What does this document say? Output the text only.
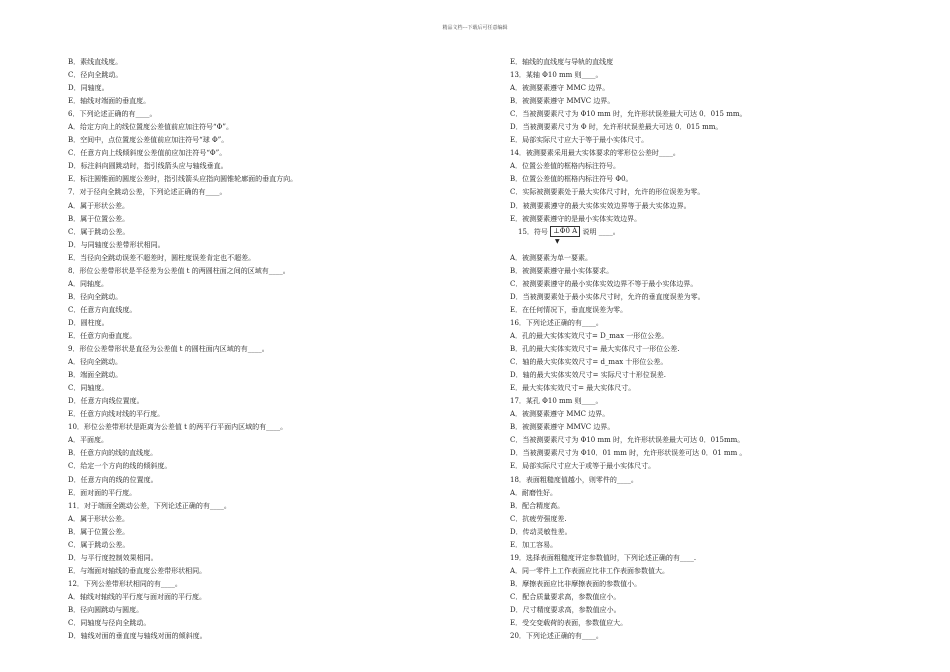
精品文档---下载后可任意编辑
B．素线直线度。
C．径向全跳动。
D．同轴度。
E．轴线对端面的垂直度。
6．下列论述正确的有____。
A．给定方向上的线位置度公差值前应加注符号“Φ”。
B．空间中，点位置度公差值前应加注符号“球 Φ”。
C．任意方向上线倾斜度公差值前应加注符号“Φ”。
D．标注斜向圆跳动时，指引线箭头应与轴线垂直。
E．标注圆锥面的圆度公差时，指引线箭头应指向圆锥轮廓面的垂直方向。
7．对于径向全跳动公差，下列论述正确的有____。
A．属于形状公差。
B．属于位置公差。
C．属于跳动公差。
D．与同轴度公差带形状相同。
E．当径向全跳动误差不超差时，圆柱度误差肯定也不超差。
8．形位公差带形状是半径差为公差值 t 的两圆柱面之间的区域有____。
A．同轴度。
B．径向全跳动。
C．任意方向直线度。
D．圆柱度。
E．任意方向垂直度。
9．形位公差带形状是直径为公差值 t 的圆柱面内区域的有____。
A．径向全跳动。
B．端面全跳动。
C．同轴度。
D．任意方向线位置度。
E．任意方向线对线的平行度。
10．形位公差带形状是距离为公差值 t 的两平行平面内区域的有____。
A．平面度。
B．任意方向的线的直线度。
C．给定一个方向的线的倾斜度。
D．任意方向的线的位置度。
E．面对面的平行度。
11．对于端面全跳动公差，下列论述正确的有____。
A．属于形状公差。
B．属于位置公差。
C．属于跳动公差。
D．与平行度控制效果相同。
E．与端面对轴线的垂直度公差带形状相同。
12．下列公差带形状相同的有____。
A．轴线对轴线的平行度与面对面的平行度。
B．径向圆跳动与圆度。
C．同轴度与径向全跳动。
D．轴线对面的垂直度与轴线对面的倾斜度。
E．轴线的直线度与导轨的直线度
13．某轴 Φ10 mm 则____。
A．被测要素遵守 MMC 边界。
B．被测要素遵守 MMVC 边界。
C．当被测要素尺寸为 Φ10 mm 时，允许形状误差最大可达 0．015 mm。
D．当被测要素尺寸为 Φ 时，允许形状误差最大可达 0．015 mm。
E．局部实际尺寸应大于等于最小实体尺寸。
14．被测要素采用最大实体要求的零形位公差时____。
A．位置公差值的框格内标注符号。
B．位置公差值的框格内标注符号 Φ0。
C．实际被测要素处于最大实体尺寸时，允许的形位误差为零。
D．被测要素遵守的最大实体实效边界等于最大实体边界。
E．被测要素遵守的是最小实体实效边界。
15．符号 ⊥Φ0 A 说明 ____。
▼
A．被测要素为单一要素。
B．被测要素遵守最小实体要求。
C．被测要素遵守的最小实体实效边界不等于最小实体边界。
D．当被测要素处于最小实体尺寸时，允许的垂直度误差为零。
E．在任何情况下，垂直度误差为零。
16．下列论述正确的有____。
A．孔的最大实体实效尺寸= D_max 一形位公差。
B．孔的最大实体实效尺寸= 最大实体尺寸一形位公差.
C．轴的最大实体实效尺寸= d_max 十形位公差。
D．轴的最大实体实效尺寸= 实际尺寸十形位误差.
E．最大实体实效尺寸= 最大实体尺寸。
17．某孔 Φ10 mm 则____。
A．被测要素遵守 MMC 边界。
B．被测要素遵守 MMVC 边界。
C．当被测要素尺寸为 Φ10 mm 时，允许形状误差最大可达 0．015mm。
D．当被测要素尺寸为 Φ10．01 mm 时，允许形状误差可达 0．01 mm 。
E．局部实际尺寸应大于或等于最小实体尺寸。
18．表面粗糙度值越小，则零件的____。
A．耐磨性好。
B．配合精度高。
C．抗疲劳强度差.
D．传动灵敏性差。
E．加工容易。
19．选择表面粗糙度评定参数值时，下列论述正确的有____.
A．同一零件上工作表面应比非工作表面参数值大。
B．摩擦表面应比非摩擦表面的参数值小。
C．配合质量要求高，参数值应小。
D．尺寸精度要求高，参数值应小。
E．受交变载荷的表面，参数值应大。
20．下列论述正确的有____。
